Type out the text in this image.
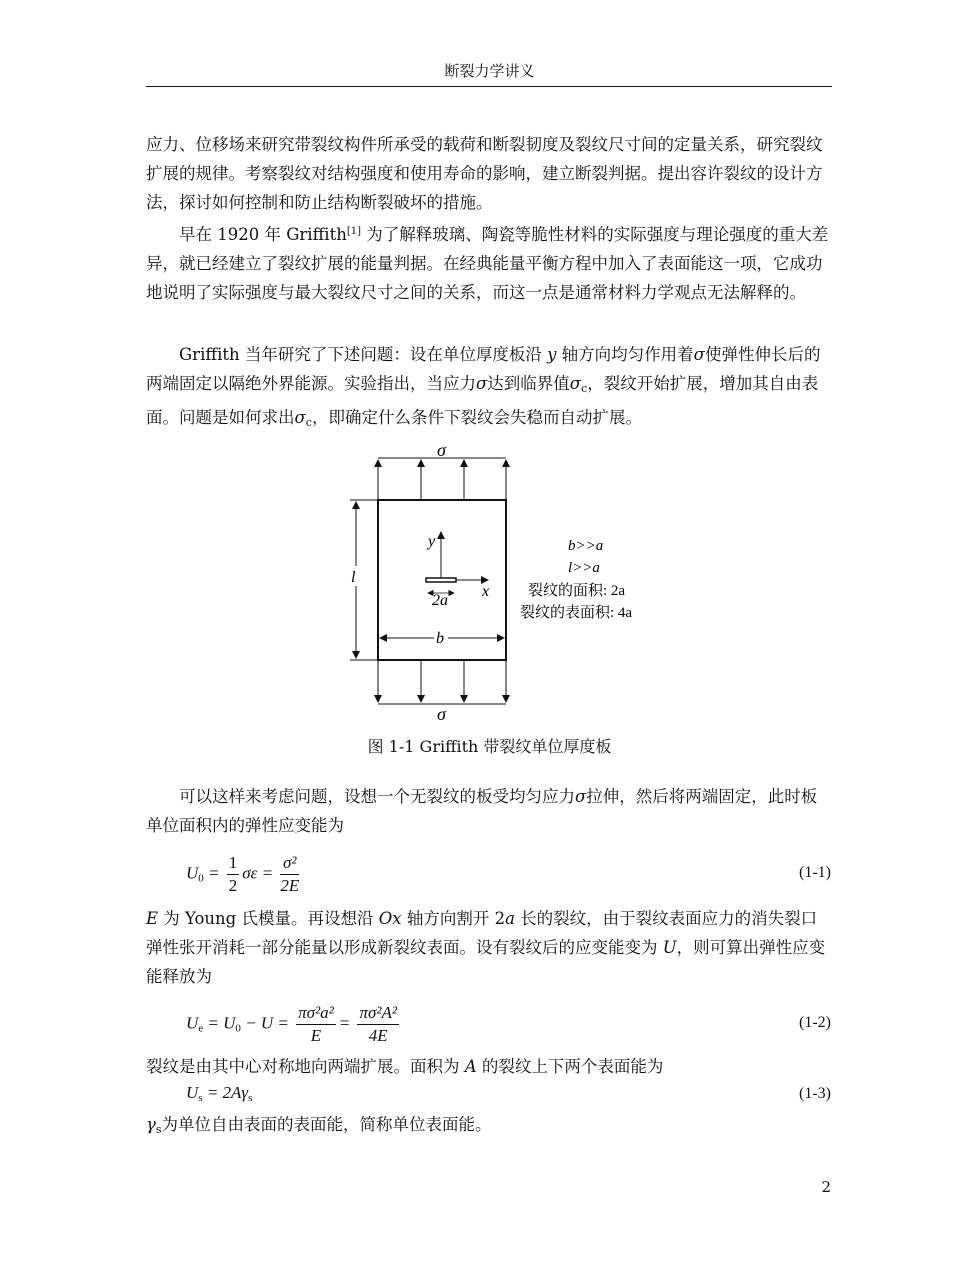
断裂力学讲义

应力、位移场来研究带裂纹构件所承受的载荷和断裂韧度及裂纹尺寸间的定量关系，研究裂纹扩展的规律。考察裂纹对结构强度和使用寿命的影响，建立断裂判据。提出容许裂纹的设计方法，探讨如何控制和防止结构断裂破坏的措施。

早在 1920 年 Griffith[1] 为了解释玻璃、陶瓷等脆性材料的实际强度与理论强度的重大差异，就已经建立了裂纹扩展的能量判据。在经典能量平衡方程中加入了表面能这一项，它成功地说明了实际强度与最大裂纹尺寸之间的关系，而这一点是通常材料力学观点无法解释的。

Griffith 当年研究了下述问题：设在单位厚度板沿 y 轴方向均匀作用着σ使弹性伸长后的两端固定以隔绝外界能源。实验指出，当应力σ达到临界值$\sigma_c$，裂纹开始扩展，增加其自由表面。问题是如何求出$\sigma_c$，即确定什么条件下裂纹会失稳而自动扩展。

σ
σ
l
b
y
x
2a
b>>a
l>>a
裂纹的面积: 2a
裂纹的表面积: 4a
图 1-1 Griffith 带裂纹单位厚度板

可以这样来考虑问题，设想一个无裂纹的板受均匀应力σ拉伸，然后将两端固定，此时板单位面积内的弹性应变能为

$U_0 = \frac{1}{2}$ $\sigma\varepsilon = \frac{\text{σ²}}{2E}$	(1-1)

E 为 Young 氏模量。再设想沿 Ox 轴方向割开 2a 长的裂纹，由于裂纹表面应力的消失裂口弹性张开消耗一部分能量以形成新裂纹表面。设有裂纹后的应变能变为 U，则可算出弹性应变能释放为

$U_e = U_0 - U = \frac{\text{πσ²a²}}{E} = \frac{\text{πσ²A²}}{4E}$	(1-2)

裂纹是由其中心对称地向两端扩展。面积为 A 的裂纹上下两个表面能为

$U_s = 2A\gamma_s$	(1-3)

$\gamma_s$为单位自由表面的表面能，简称单位表面能。

2
